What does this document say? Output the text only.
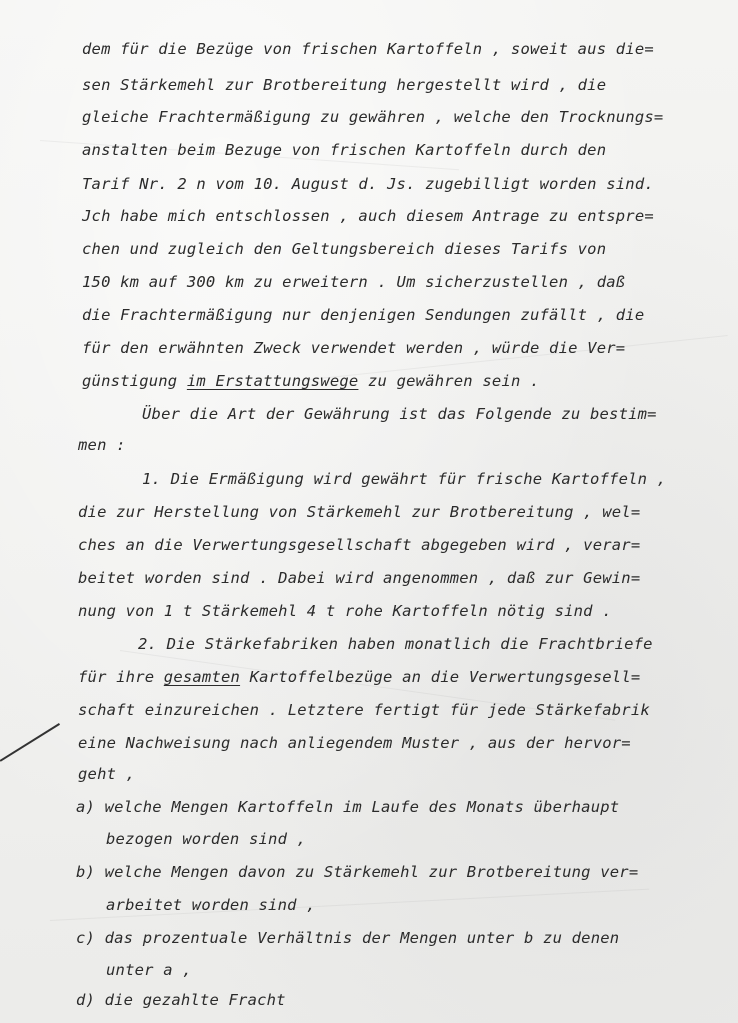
dem für die Bezüge von frischen Kartoffeln , soweit aus die=
sen Stärkemehl zur Brotbereitung hergestellt wird , die
gleiche Frachtermäßigung zu gewähren , welche den Trocknungs=
anstalten beim Bezuge von frischen Kartoffeln durch den
Tarif Nr. 2 n vom 10. August d. Js. zugebilligt worden sind.
Jch habe mich entschlossen , auch diesem Antrage zu entspre=
chen und zugleich den Geltungsbereich dieses Tarifs von
150 km auf 300 km zu erweitern . Um sicherzustellen , daß
die Frachtermäßigung nur denjenigen Sendungen zufällt , die
für den erwähnten Zweck verwendet werden , würde die Ver=
günstigung im Erstattungswege zu gewähren sein .
Über die Art der Gewährung ist das Folgende zu bestim=
men :
1. Die Ermäßigung wird gewährt für frische Kartoffeln ,
die zur Herstellung von Stärkemehl zur Brotbereitung , wel=
ches an die Verwertungsgesellschaft abgegeben wird , verar=
beitet worden sind . Dabei wird angenommen , daß zur Gewin=
nung von 1 t Stärkemehl 4 t rohe Kartoffeln nötig sind .
2. Die Stärkefabriken haben monatlich die Frachtbriefe
für ihre gesamten Kartoffelbezüge an die Verwertungsgesell=
schaft einzureichen . Letztere fertigt für jede Stärkefabrik
eine Nachweisung nach anliegendem Muster , aus der hervor=
geht ,
a) welche Mengen Kartoffeln im Laufe des Monats überhaupt
bezogen worden sind ,
b) welche Mengen davon zu Stärkemehl zur Brotbereitung ver=
arbeitet worden sind ,
c) das prozentuale Verhältnis der Mengen unter b zu denen
unter a ,
d) die gezahlte Fracht
